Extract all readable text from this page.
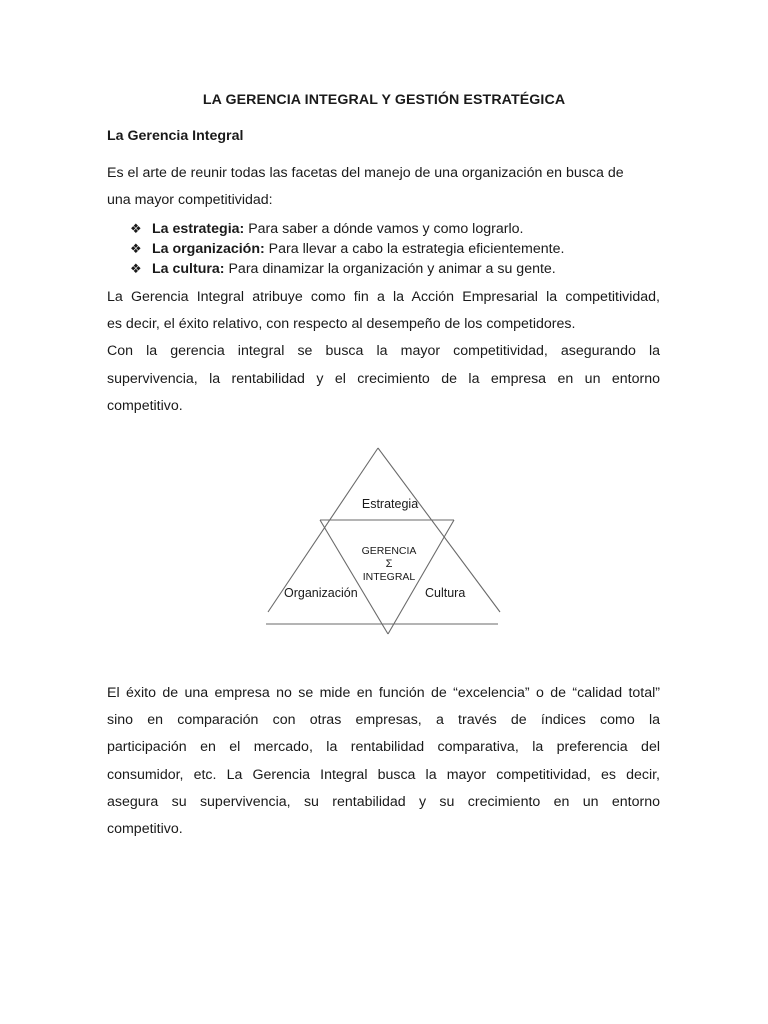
LA GERENCIA INTEGRAL Y GESTIÓN ESTRATÉGICA
La Gerencia Integral
Es el arte de reunir todas las facetas del manejo de una organización en busca de
una mayor competitividad:
❖ La estrategia: Para saber a dónde vamos y como lograrlo.
❖ La organización: Para llevar a cabo la estrategia eficientemente.
❖ La cultura: Para dinamizar la organización y animar a su gente.
La Gerencia Integral atribuye como fin a la Acción Empresarial la competitividad,
es decir, el éxito relativo, con respecto al desempeño de los competidores.
Con la gerencia integral se busca la mayor competitividad, asegurando la
supervivencia, la rentabilidad y el crecimiento de la empresa en un entorno
competitivo.
Estrategia
GERENCIA
Σ
INTEGRAL
Organización	Cultura
El éxito de una empresa no se mide en función de “excelencia” o de “calidad total”
sino en comparación con otras empresas, a través de índices como la
participación en el mercado, la rentabilidad comparativa, la preferencia del
consumidor, etc. La Gerencia Integral busca la mayor competitividad, es decir,
asegura su supervivencia, su rentabilidad y su crecimiento en un entorno
competitivo.
